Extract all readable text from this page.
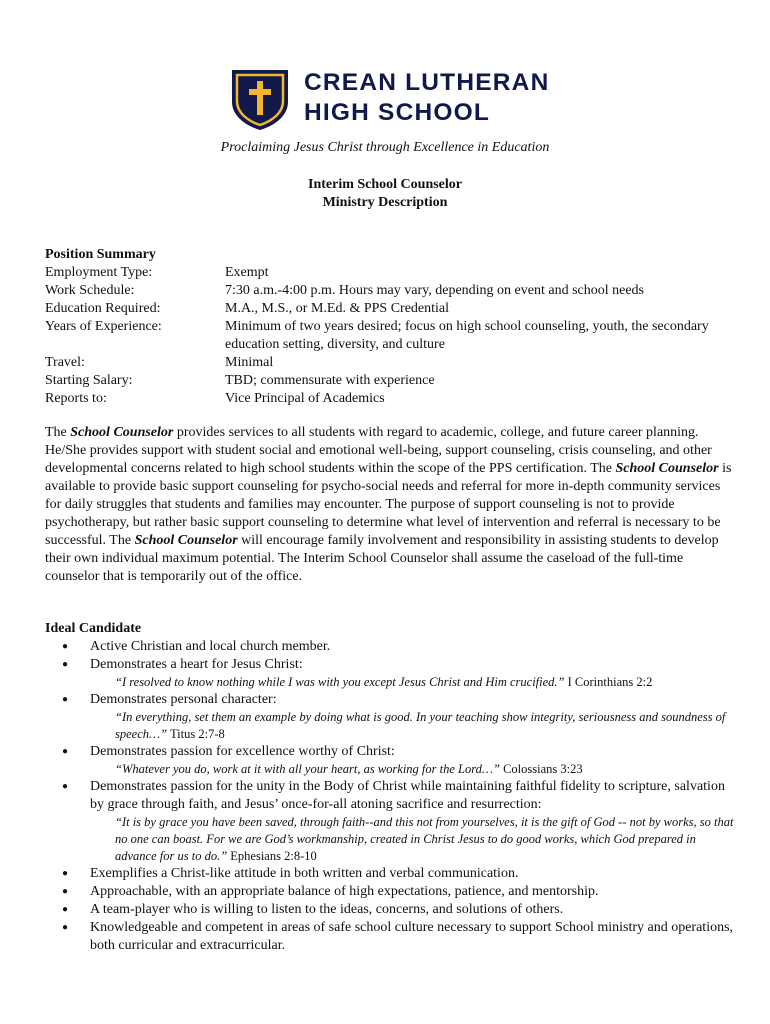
CREAN LUTHERAN
HIGH SCHOOL
Proclaiming Jesus Christ through Excellence in Education
Interim School Counselor
Ministry Description
Position Summary
Employment Type:	Exempt
Work Schedule:	7:30 a.m.-4:00 p.m. Hours may vary, depending on event and school needs
Education Required:	M.A., M.S., or M.Ed. & PPS Credential
Years of Experience:	Minimum of two years desired; focus on high school counseling, youth, the secondary education setting, diversity, and culture
Travel:	Minimal
Starting Salary:	TBD; commensurate with experience
Reports to:	Vice Principal of Academics
The School Counselor provides services to all students with regard to academic, college, and future career planning. He/She provides support with student social and emotional well-being, support counseling, crisis counseling, and other developmental concerns related to high school students within the scope of the PPS certification. The School Counselor is available to provide basic support counseling for psycho-social needs and referral for more in-depth community services for daily struggles that students and families may encounter. The purpose of support counseling is not to provide psychotherapy, but rather basic support counseling to determine what level of intervention and referral is necessary to be successful. The School Counselor will encourage family involvement and responsibility in assisting students to develop their own individual maximum potential. The Interim School Counselor shall assume the caseload of the full-time counselor that is temporarily out of the office.
Ideal Candidate
● Active Christian and local church member.
● Demonstrates a heart for Jesus Christ:
“I resolved to know nothing while I was with you except Jesus Christ and Him crucified.” I Corinthians 2:2
● Demonstrates personal character:
“In everything, set them an example by doing what is good. In your teaching show integrity, seriousness and soundness of speech…” Titus 2:7-8
● Demonstrates passion for excellence worthy of Christ:
“Whatever you do, work at it with all your heart, as working for the Lord…” Colossians 3:23
● Demonstrates passion for the unity in the Body of Christ while maintaining faithful fidelity to scripture, salvation by grace through faith, and Jesus’ once-for-all atoning sacrifice and resurrection:
“It is by grace you have been saved, through faith--and this not from yourselves, it is the gift of God -- not by works, so that no one can boast. For we are God’s workmanship, created in Christ Jesus to do good works, which God prepared in advance for us to do.” Ephesians 2:8-10
● Exemplifies a Christ-like attitude in both written and verbal communication.
● Approachable, with an appropriate balance of high expectations, patience, and mentorship.
● A team-player who is willing to listen to the ideas, concerns, and solutions of others.
● Knowledgeable and competent in areas of safe school culture necessary to support School ministry and operations, both curricular and extracurricular.
